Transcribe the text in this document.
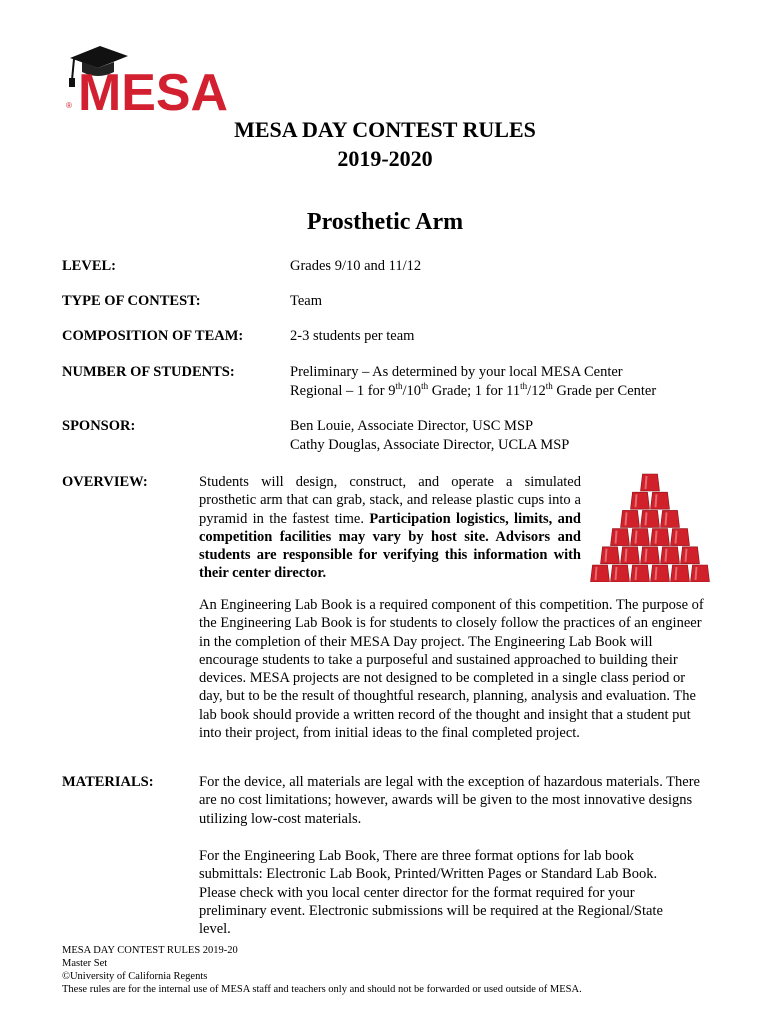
MESA
®
MESA DAY CONTEST RULES
2019-2020
Prosthetic Arm
LEVEL:	Grades 9/10 and 11/12
TYPE OF CONTEST:	Team
COMPOSITION OF TEAM:	2-3 students per team
NUMBER OF STUDENTS:	Preliminary – As determined by your local MESA Center
Regional – 1 for 9th/10th Grade; 1 for 11th/12th Grade per Center
SPONSOR:	Ben Louie, Associate Director, USC MSP
Cathy Douglas, Associate Director, UCLA MSP
OVERVIEW:	Students will design, construct, and operate a simulated prosthetic arm that can grab, stack, and release plastic cups into a pyramid in the fastest time. Participation logistics, limits, and competition facilities may vary by host site. Advisors and students are responsible for verifying this information with their center director.
An Engineering Lab Book is a required component of this competition. The purpose of the Engineering Lab Book is for students to closely follow the practices of an engineer in the completion of their MESA Day project. The Engineering Lab Book will encourage students to take a purposeful and sustained approached to building their devices. MESA projects are not designed to be completed in a single class period or day, but to be the result of thoughtful research, planning, analysis and evaluation. The lab book should provide a written record of the thought and insight that a student put into their project, from initial ideas to the final completed project.
MATERIALS:	For the device, all materials are legal with the exception of hazardous materials. There are no cost limitations; however, awards will be given to the most innovative designs utilizing low-cost materials.
For the Engineering Lab Book, There are three format options for lab book submittals: Electronic Lab Book, Printed/Written Pages or Standard Lab Book. Please check with you local center director for the format required for your preliminary event. Electronic submissions will be required at the Regional/State level.
MESA DAY CONTEST RULES 2019-20
Master Set
©University of California Regents
These rules are for the internal use of MESA staff and teachers only and should not be forwarded or used outside of MESA.
